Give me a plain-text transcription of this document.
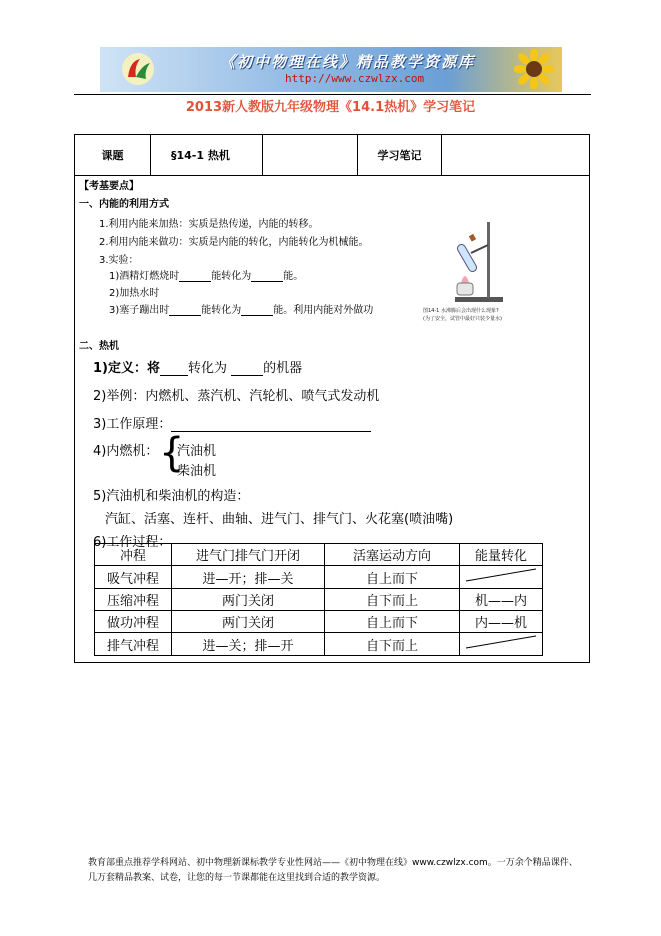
《初中物理在线》精品教学资源库
http://www.czwlzx.com
2013新人教版九年级物理《14.1热机》学习笔记
课题	§14-1 热机	学习笔记
【考基要点】
一、内能的利用方式
1.利用内能来加热：实质是热传递，内能的转移。
2.利用内能来做功：实质是内能的转化，内能转化为机械能。
3.实验：
1)酒精灯燃烧时	能转化为	能。
2)加热水时
3)塞子蹦出时	能转化为	能。利用内能对外做功	图14-1 水沸腾后会出现什么现象?
(为了安全，试管中最好只装少量水)
二、热机
1)定义：将 转化为	的机器
2)举例：内燃机、蒸汽机、汽轮机、喷气式发动机
3)工作原理：
4)内燃机： {
汽油机
柴油机
5)汽油机和柴油机的构造：
汽缸、活塞、连杆、曲轴、进气门、排气门、火花塞(喷油嘴)
6)工作过程：
冲程	进气门排气门开闭	活塞运动方向	能量转化
吸气冲程	进—开；排—关	自上而下	
压缩冲程	两门关闭	自下而上	机——内
做功冲程	两门关闭	自上而下	内——机
排气冲程	进—关；排—开	自下而上	
教育部重点推荐学科网站、初中物理新课标教学专业性网站——《初中物理在线》www.czwlzx.com。一万余个精品课件、
几万套精品教案、试卷，让您的每一节课都能在这里找到合适的教学资源。
